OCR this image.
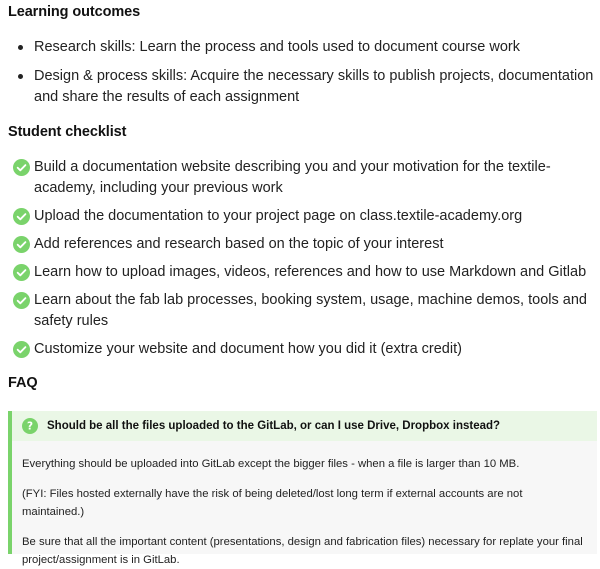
Learning outcomes
Research skills: Learn the process and tools used to document course work
Design & process skills: Acquire the necessary skills to publish projects, documentation and share the results of each assignment
Student checklist
Build a documentation website describing you and your motivation for the textile-academy, including your previous work
Upload the documentation to your project page on class.textile-academy.org
Add references and research based on the topic of your interest
Learn how to upload images, videos, references and how to use Markdown and Gitlab
Learn about the fab lab processes, booking system, usage, machine demos, tools and safety rules
Customize your website and document how you did it (extra credit)
FAQ
? Should be all the files uploaded to the GitLab, or can I use Drive, Dropbox instead?

Everything should be uploaded into GitLab except the bigger files - when a file is larger than 10 MB.

(FYI: Files hosted externally have the risk of being deleted/lost long term if external accounts are not maintained.)

Be sure that all the important content (presentations, design and fabrication files) necessary for replate your final project/assignment is in GitLab.
